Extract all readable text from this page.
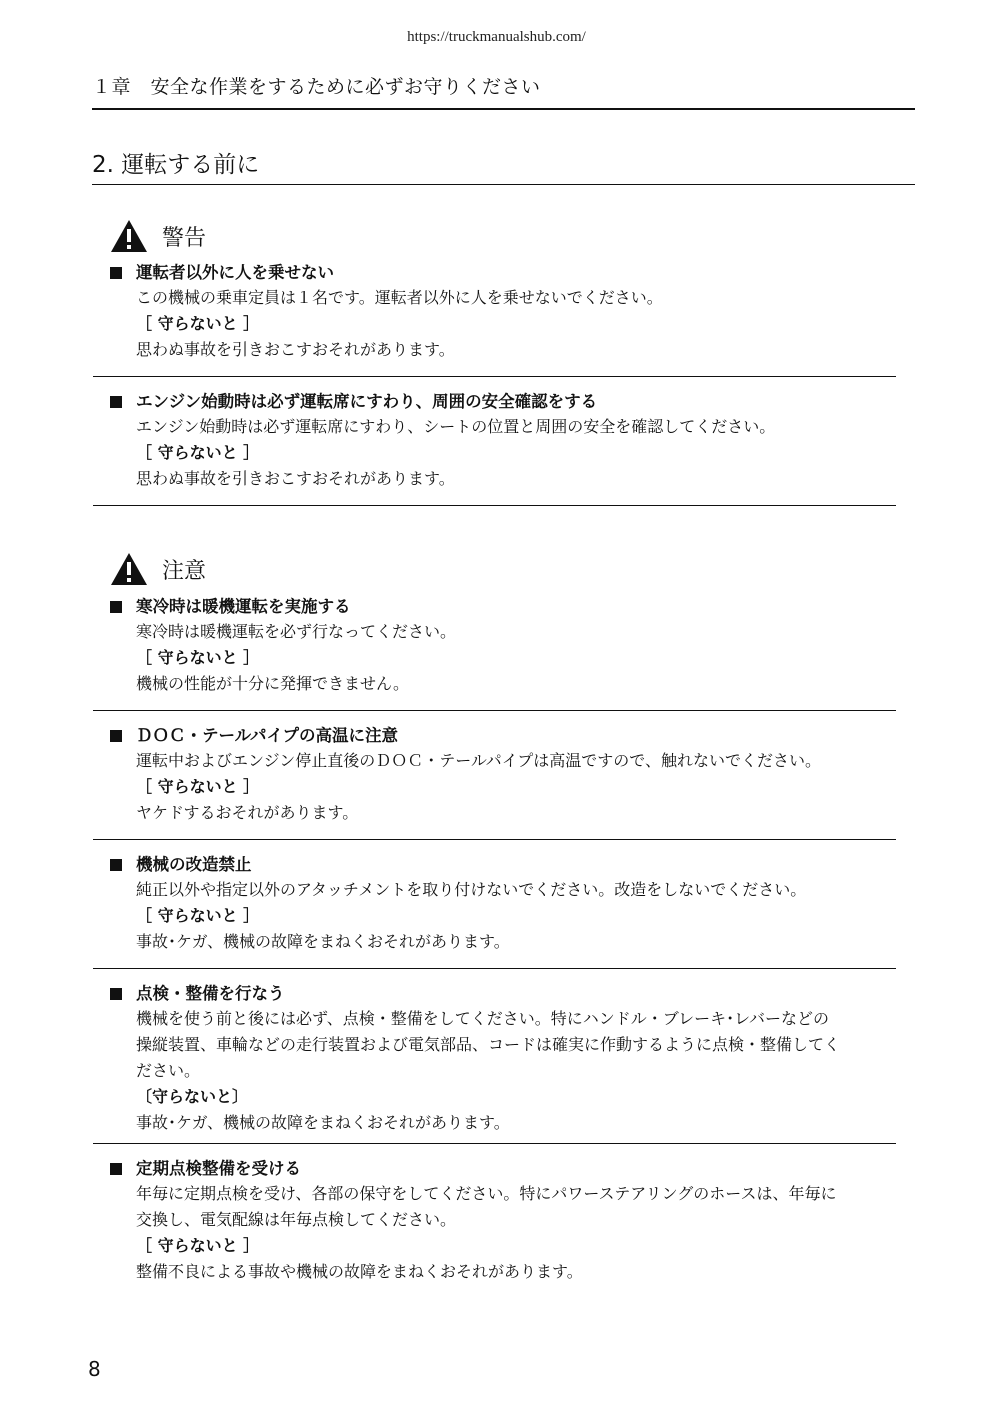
https://truckmanualshub.com/
１章　安全な作業をするために必ずお守りください
2. 運転する前に
警告
運転者以外に人を乗せない

この機械の乗車定員は１名です。運転者以外に人を乗せないでください。

［ 守らないと ］

思わぬ事故を引きおこすおそれがあります。

エンジン始動時は必ず運転席にすわり、周囲の安全確認をする

エンジン始動時は必ず運転席にすわり、シートの位置と周囲の安全を確認してください。

［ 守らないと ］

思わぬ事故を引きおこすおそれがあります。

注意
寒冷時は暖機運転を実施する

寒冷時は暖機運転を必ず行なってください。

［ 守らないと ］

機械の性能が十分に発揮できません。

ＤＯＣ・テールパイプの高温に注意

運転中およびエンジン停止直後のＤＯＣ・テールパイプは高温ですので、触れないでください。

［ 守らないと ］

ヤケドするおそれがあります。

機械の改造禁止

純正以外や指定以外のアタッチメントを取り付けないでください。改造をしないでください。

［ 守らないと ］

事故･ケガ、機械の故障をまねくおそれがあります。

点検・整備を行なう

機械を使う前と後には必ず、点検・整備をしてください。特にハンドル・ブレーキ･レバーなどの

操縦装置、車輪などの走行装置および電気部品、コードは確実に作動するように点検・整備してく

ださい。

〔守らないと〕

事故･ケガ、機械の故障をまねくおそれがあります。

定期点検整備を受ける

年毎に定期点検を受け、各部の保守をしてください。特にパワーステアリングのホースは、年毎に

交換し、電気配線は年毎点検してください。

［ 守らないと ］

整備不良による事故や機械の故障をまねくおそれがあります。

8
